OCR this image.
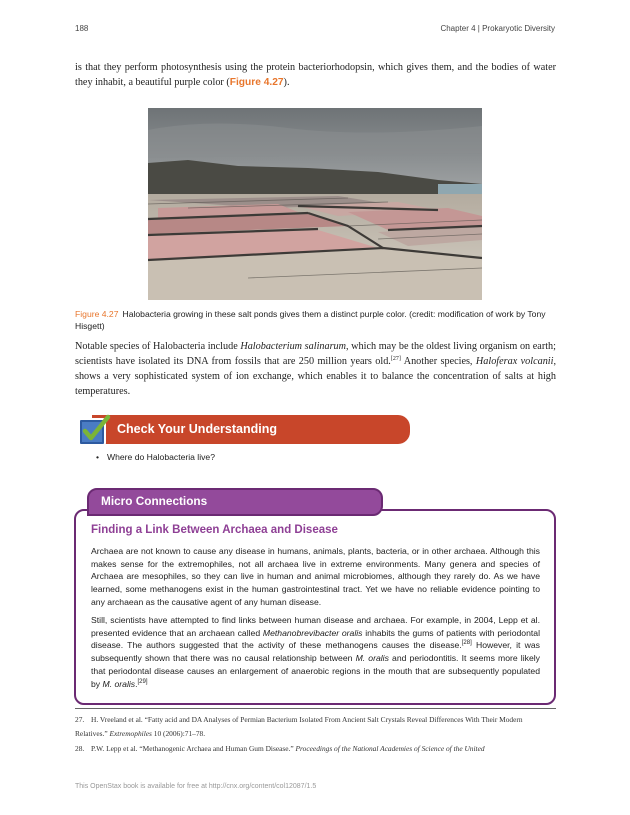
188	Chapter 4 | Prokaryotic Diversity

is that they perform photosynthesis using the protein bacteriorhodopsin, which gives them, and the bodies of water they inhabit, a beautiful purple color (Figure 4.27).

Figure 4.27 Halobacteria growing in these salt ponds gives them a distinct purple color. (credit: modification of work by Tony Hisgett)

Notable species of Halobacteria include Halobacterium salinarum, which may be the oldest living organism on earth; scientists have isolated its DNA from fossils that are 250 million years old.[27] Another species, Haloferax volcanii, shows a very sophisticated system of ion exchange, which enables it to balance the concentration of salts at high temperatures.

Check Your Understanding
• Where do Halobacteria live?
Micro Connections
Finding a Link Between Archaea and Disease

Archaea are not known to cause any disease in humans, animals, plants, bacteria, or in other archaea. Although this makes sense for the extremophiles, not all archaea live in extreme environments. Many genera and species of Archaea are mesophiles, so they can live in human and animal microbiomes, although they rarely do. As we have learned, some methanogens exist in the human gastrointestinal tract. Yet we have no reliable evidence pointing to any archaean as the causative agent of any human disease.

Still, scientists have attempted to find links between human disease and archaea. For example, in 2004, Lepp et al. presented evidence that an archaean called Methanobrevibacter oralis inhabits the gums of patients with periodontal disease. The authors suggested that the activity of these methanogens causes the disease.[28] However, it was subsequently shown that there was no causal relationship between M. oralis and periodontitis. It seems more likely that periodontal disease causes an enlargement of anaerobic regions in the mouth that are subsequently populated by M. oralis.[29]

27. H. Vreeland et al. “Fatty acid and DA Analyses of Permian Bacterium Isolated From Ancient Salt Crystals Reveal Differences With Their Modern Relatives.” Extremophiles 10 (2006):71–78.
28. P.W. Lepp et al. “Methanogenic Archaea and Human Gum Disease.” Proceedings of the National Academies of Science of the United
This OpenStax book is available for free at http://cnx.org/content/col12087/1.5
